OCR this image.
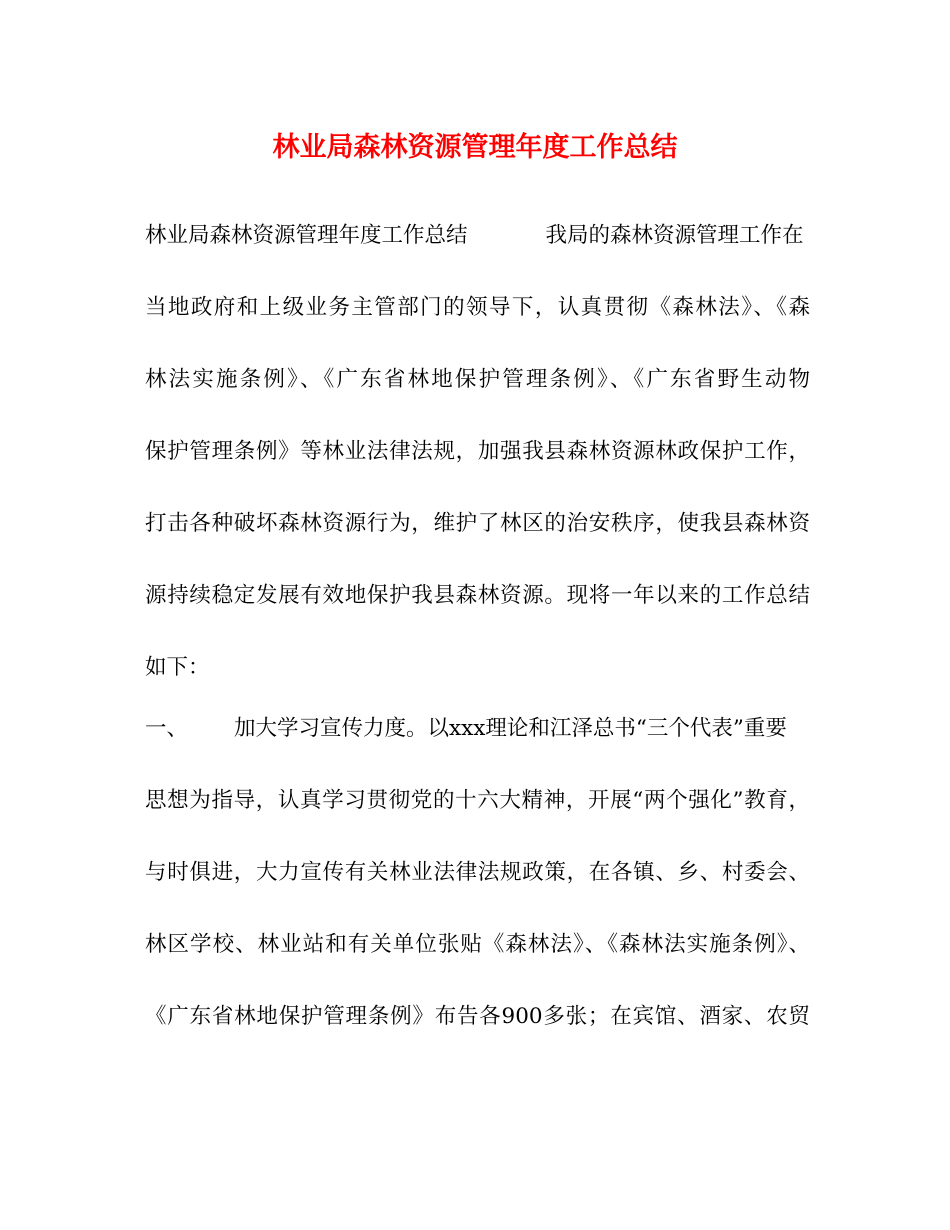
林业局森林资源管理年度工作总结
林业局森林资源管理年度工作总结	我局的森林资源管理工作在
当地政府和上级业务主管部门的领导下，认真贯彻《森林法》、《森
林法实施条例》、《广东省林地保护管理条例》、《广东省野生动物
保护管理条例》等林业法律法规，加强我县森林资源林政保护工作，
打击各种破坏森林资源行为，维护了林区的治安秩序，使我县森林资
源持续稳定发展有效地保护我县森林资源。现将一年以来的工作总结
如下：
一、 加大学习宣传力度。以xxx理论和江泽总书“三个代表”重要
思想为指导，认真学习贯彻党的十六大精神，开展“两个强化”教育，
与时俱进，大力宣传有关林业法律法规政策，在各镇、乡、村委会、
林区学校、林业站和有关单位张贴《森林法》、《森林法实施条例》、
《广东省林地保护管理条例》布告各900多张；在宾馆、酒家、农贸
